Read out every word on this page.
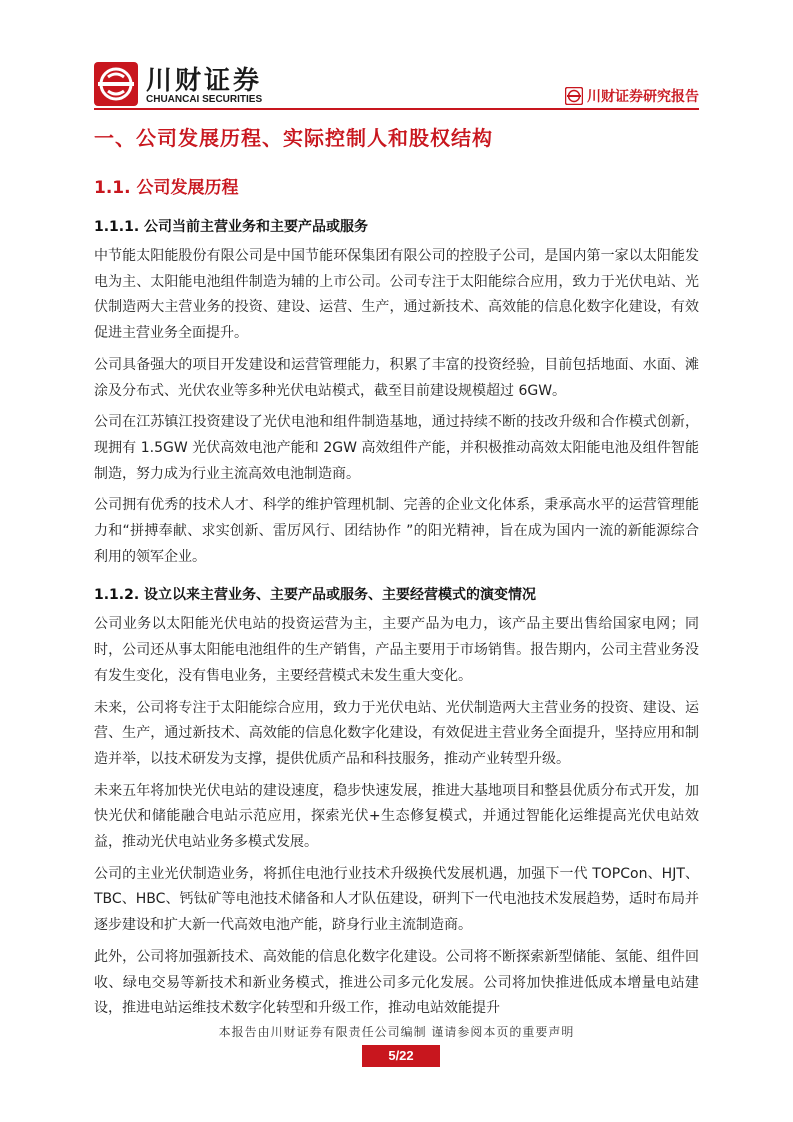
川财证券
CHUANCAI SECURITIES	川财证券研究报告
一、公司发展历程、实际控制人和股权结构
1.1. 公司发展历程
1.1.1. 公司当前主营业务和主要产品或服务

中节能太阳能股份有限公司是中国节能环保集团有限公司的控股子公司，是国内第一家以太阳能发电为主、太阳能电池组件制造为辅的上市公司。公司专注于太阳能综合应用，致力于光伏电站、光伏制造两大主营业务的投资、建设、运营、生产，通过新技术、高效能的信息化数字化建设，有效促进主营业务全面提升。

公司具备强大的项目开发建设和运营管理能力，积累了丰富的投资经验，目前包括地面、水面、滩涂及分布式、光伏农业等多种光伏电站模式，截至目前建设规模超过 6GW。

公司在江苏镇江投资建设了光伏电池和组件制造基地，通过持续不断的技改升级和合作模式创新，现拥有 1.5GW 光伏高效电池产能和 2GW 高效组件产能，并积极推动高效太阳能电池及组件智能制造，努力成为行业主流高效电池制造商。

公司拥有优秀的技术人才、科学的维护管理机制、完善的企业文化体系，秉承高水平的运营管理能力和“拼搏奉献、求实创新、雷厉风行、团结协作 ”的阳光精神，旨在成为国内一流的新能源综合利用的领军企业。

1.1.2. 设立以来主营业务、主要产品或服务、主要经营模式的演变情况

公司业务以太阳能光伏电站的投资运营为主，主要产品为电力，该产品主要出售给国家电网；同时，公司还从事太阳能电池组件的生产销售，产品主要用于市场销售。报告期内，公司主营业务没有发生变化，没有售电业务，主要经营模式未发生重大变化。

未来，公司将专注于太阳能综合应用，致力于光伏电站、光伏制造两大主营业务的投资、建设、运营、生产，通过新技术、高效能的信息化数字化建设，有效促进主营业务全面提升，坚持应用和制造并举，以技术研发为支撑，提供优质产品和科技服务，推动产业转型升级。

未来五年将加快光伏电站的建设速度，稳步快速发展，推进大基地项目和整县优质分布式开发，加快光伏和储能融合电站示范应用，探索光伏+生态修复模式，并通过智能化运维提高光伏电站效益，推动光伏电站业务多模式发展。

公司的主业光伏制造业务，将抓住电池行业技术升级换代发展机遇，加强下一代 TOPCon、HJT、TBC、HBC、钙钛矿等电池技术储备和人才队伍建设，研判下一代电池技术发展趋势，适时布局并逐步建设和扩大新一代高效电池产能，跻身行业主流制造商。

此外，公司将加强新技术、高效能的信息化数字化建设。公司将不断探索新型储能、氢能、组件回收、绿电交易等新技术和新业务模式，推进公司多元化发展。公司将加快推进低成本增量电站建设，推进电站运维技术数字化转型和升级工作，推动电站效能提升

本报告由川财证券有限责任公司编制 谨请参阅本页的重要声明
5/22
